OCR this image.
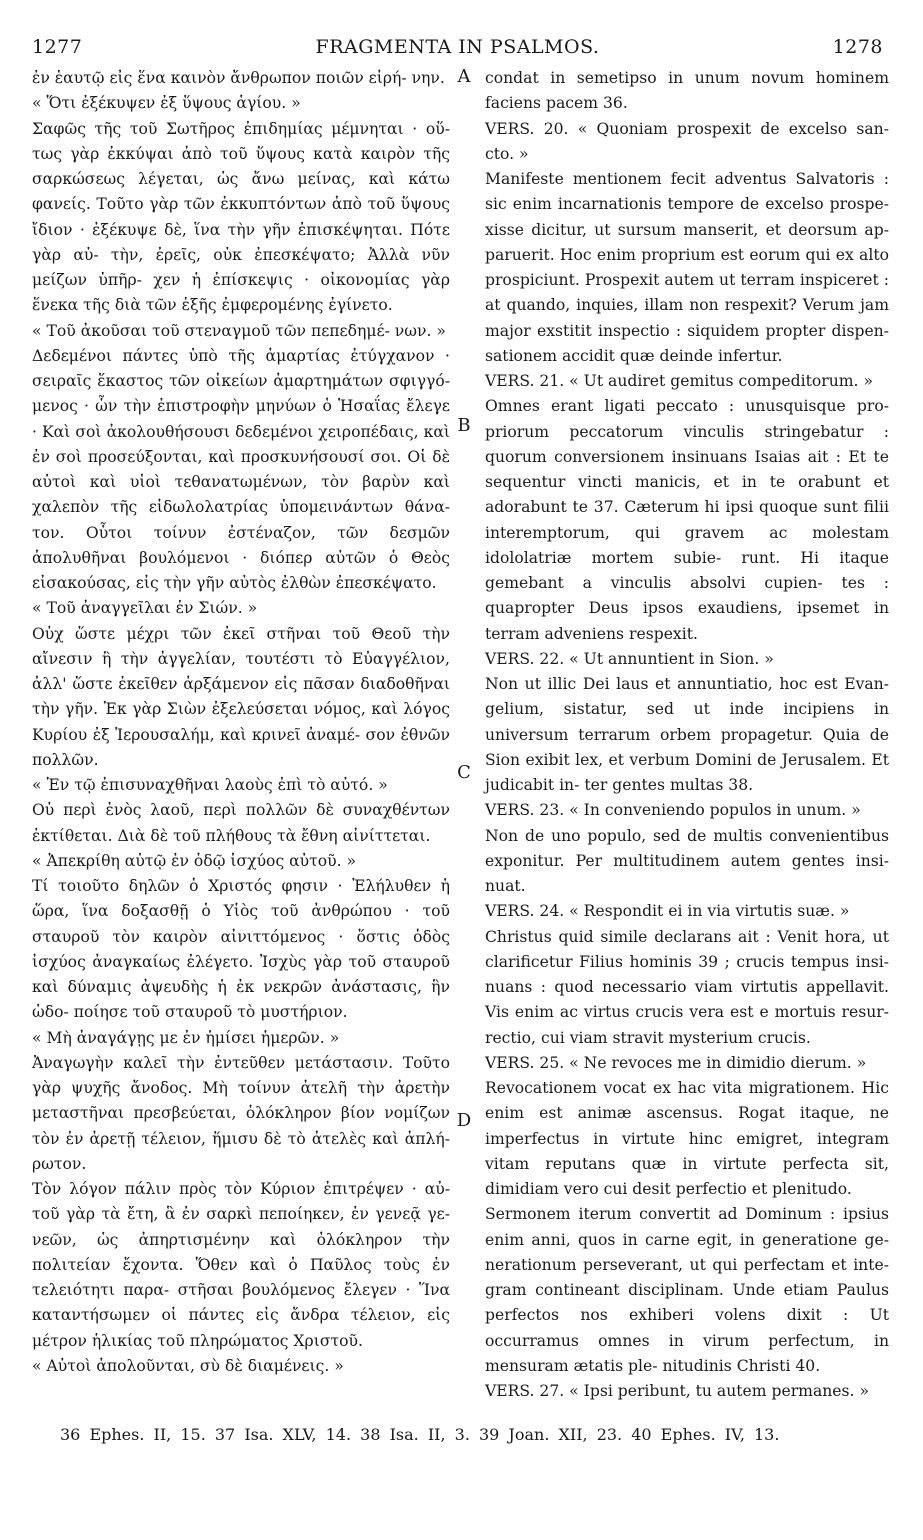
1277	FRAGMENTA IN PSALMOS.	1278

ἐν ἑαυτῷ εἰς ἕνα καινὸν ἄνθρωπον ποιῶν εἰρή- νην.

« Ὅτι ἐξέκυψεν ἐξ ὕψους ἁγίου. »

Σαφῶς τῆς τοῦ Σωτῆρος ἐπιδημίας μέμνηται · οὕ- τως γὰρ ἐκκύψαι ἀπὸ τοῦ ὕψους κατὰ καιρὸν τῆς σαρκώσεως λέγεται, ὡς ἄνω μείνας, καὶ κάτω φανείς. Τοῦτο γὰρ τῶν ἐκκυπτόντων ἀπὸ τοῦ ὕψους ἴδιον · ἐξέκυψε δὲ, ἵνα τὴν γῆν ἐπισκέψηται. Πότε γὰρ αὐ- τὴν, ἐρεῖς, οὐκ ἐπεσκέψατο; Ἀλλὰ νῦν μείζων ὑπῆρ- χεν ἡ ἐπίσκεψις · οἰκονομίας γὰρ ἕνεκα τῆς διὰ τῶν ἑξῆς ἐμφερομένης ἐγίνετο.

« Τοῦ ἀκοῦσαι τοῦ στεναγμοῦ τῶν πεπεδημέ- νων. »

Δεδεμένοι πάντες ὑπὸ τῆς ἁμαρτίας ἐτύγχανον · σειραῖς ἕκαστος τῶν οἰκείων ἁμαρτημάτων σφιγγό- μενος · ὧν τὴν ἐπιστροφὴν μηνύων ὁ Ἡσαΐας ἔλεγε · Καὶ σοὶ ἀκολουθήσουσι δεδεμένοι χειροπέδαις, καὶ ἐν σοὶ προσεύξονται, καὶ προσκυνήσουσί σοι. Οἱ δὲ αὐτοὶ καὶ υἱοὶ τεθανατωμένων, τὸν βαρὺν καὶ χαλεπὸν τῆς εἰδωλολατρίας ὑπομεινάντων θάνα- τον. Οὗτοι τοίνυν ἐστέναζον, τῶν δεσμῶν ἀπολυθῆναι βουλόμενοι · διόπερ αὐτῶν ὁ Θεὸς εἰσακούσας, εἰς τὴν γῆν αὐτὸς ἐλθὼν ἐπεσκέψατο.

« Τοῦ ἀναγγεῖλαι ἐν Σιών. »

Οὐχ ὥστε μέχρι τῶν ἐκεῖ στῆναι τοῦ Θεοῦ τὴν αἴνεσιν ἢ τὴν ἀγγελίαν, τουτέστι τὸ Εὐαγγέλιον, ἀλλ' ὥστε ἐκεῖθεν ἀρξάμενον εἰς πᾶσαν διαδοθῆναι τὴν γῆν. Ἐκ γὰρ Σιὼν ἐξελεύσεται νόμος, καὶ λόγος Κυρίου ἐξ Ἱερουσαλήμ, καὶ κρινεῖ ἀναμέ- σον ἐθνῶν πολλῶν.

« Ἐν τῷ ἐπισυναχθῆναι λαοὺς ἐπὶ τὸ αὐτό. »

Οὐ περὶ ἑνὸς λαοῦ, περὶ πολλῶν δὲ συναχθέντων ἐκτίθεται. Διὰ δὲ τοῦ πλήθους τὰ ἔθνη αἰνίττεται.

« Ἀπεκρίθη αὐτῷ ἐν ὁδῷ ἰσχύος αὐτοῦ. »

Τί τοιοῦτο δηλῶν ὁ Χριστός φησιν · Ἐλήλυθεν ἡ ὥρα, ἵνα δοξασθῇ ὁ Υἱὸς τοῦ ἀνθρώπου · τοῦ σταυροῦ τὸν καιρὸν αἰνιττόμενος · ὅστις ὁδὸς ἰσχύος ἀναγκαίως ἐλέγετο. Ἰσχὺς γὰρ τοῦ σταυροῦ καὶ δύναμις ἀψευδὴς ἡ ἐκ νεκρῶν ἀνάστασις, ἣν ὡδο- ποίησε τοῦ σταυροῦ τὸ μυστήριον.

« Μὴ ἀναγάγῃς με ἐν ἡμίσει ἡμερῶν. »

Ἀναγωγὴν καλεῖ τὴν ἐντεῦθεν μετάστασιν. Τοῦτο γὰρ ψυχῆς ἄνοδος. Μὴ τοίνυν ἀτελῆ τὴν ἀρετὴν μεταστῆναι πρεσβεύεται, ὁλόκληρον βίον νομίζων τὸν ἐν ἀρετῇ τέλειον, ἥμισυ δὲ τὸ ἀτελὲς καὶ ἀπλή- ρωτον.

Τὸν λόγον πάλιν πρὸς τὸν Κύριον ἐπιτρέψεν · αὐ- τοῦ γὰρ τὰ ἔτη, ἃ ἐν σαρκὶ πεποίηκεν, ἐν γενεᾷ γε- νεῶν, ὡς ἀπηρτισμένην καὶ ὁλόκληρον τὴν πολιτείαν ἔχοντα. Ὅθεν καὶ ὁ Παῦλος τοὺς ἐν τελειότητι παρα- στῆσαι βουλόμενος ἔλεγεν · Ἵνα καταντήσωμεν οἱ πάντες εἰς ἄνδρα τέλειον, εἰς μέτρον ἡλικίας τοῦ πληρώματος Χριστοῦ.

« Αὐτοὶ ἀπολοῦνται, σὺ δὲ διαμένεις. »

A
B
C
D

condat in semetipso in unum novum hominem faciens pacem 36.

VERS. 20. « Quoniam prospexit de excelso san- cto. »

Manifeste mentionem fecit adventus Salvatoris : sic enim incarnationis tempore de excelso prospe- xisse dicitur, ut sursum manserit, et deorsum ap- paruerit. Hoc enim proprium est eorum qui ex alto prospiciunt. Prospexit autem ut terram inspiceret : at quando, inquies, illam non respexit? Verum jam major exstitit inspectio : siquidem propter dispen- sationem accidit quæ deinde infertur.

VERS. 21. « Ut audiret gemitus compeditorum. »

Omnes erant ligati peccato : unusquisque pro- priorum peccatorum vinculis stringebatur : quorum conversionem insinuans Isaias ait : Et te sequentur vincti manicis, et in te orabunt et adorabunt te 37. Cæterum hi ipsi quoque sunt filii interemptorum, qui gravem ac molestam idololatriæ mortem subie- runt. Hi itaque gemebant a vinculis absolvi cupien- tes : quapropter Deus ipsos exaudiens, ipsemet in terram adveniens respexit.

VERS. 22. « Ut annuntient in Sion. »

Non ut illic Dei laus et annuntiatio, hoc est Evan- gelium, sistatur, sed ut inde incipiens in universum terrarum orbem propagetur. Quia de Sion exibit lex, et verbum Domini de Jerusalem. Et judicabit in- ter gentes multas 38.

VERS. 23. « In conveniendo populos in unum. »

Non de uno populo, sed de multis convenientibus exponitur. Per multitudinem autem gentes insi- nuat.

VERS. 24. « Respondit ei in via virtutis suæ. »

Christus quid simile declarans ait : Venit hora, ut clarificetur Filius hominis 39 ; crucis tempus insi- nuans : quod necessario viam virtutis appellavit. Vis enim ac virtus crucis vera est e mortuis resur- rectio, cui viam stravit mysterium crucis.

VERS. 25. « Ne revoces me in dimidio dierum. »

Revocationem vocat ex hac vita migrationem. Hic enim est animæ ascensus. Rogat itaque, ne imperfectus in virtute hinc emigret, integram vitam reputans quæ in virtute perfecta sit, dimidiam vero cui desit perfectio et plenitudo.

Sermonem iterum convertit ad Dominum : ipsius enim anni, quos in carne egit, in generatione ge- nerationum perseverant, ut qui perfectam et inte- gram contineant disciplinam. Unde etiam Paulus perfectos nos exhiberi volens dixit : Ut occurramus omnes in virum perfectum, in mensuram ætatis ple- nitudinis Christi 40.

VERS. 27. « Ipsi peribunt, tu autem permanes. »

36 Ephes. II, 15. 37 Isa. XLV, 14. 38 Isa. II, 3. 39 Joan. XII, 23. 40 Ephes. IV, 13.
